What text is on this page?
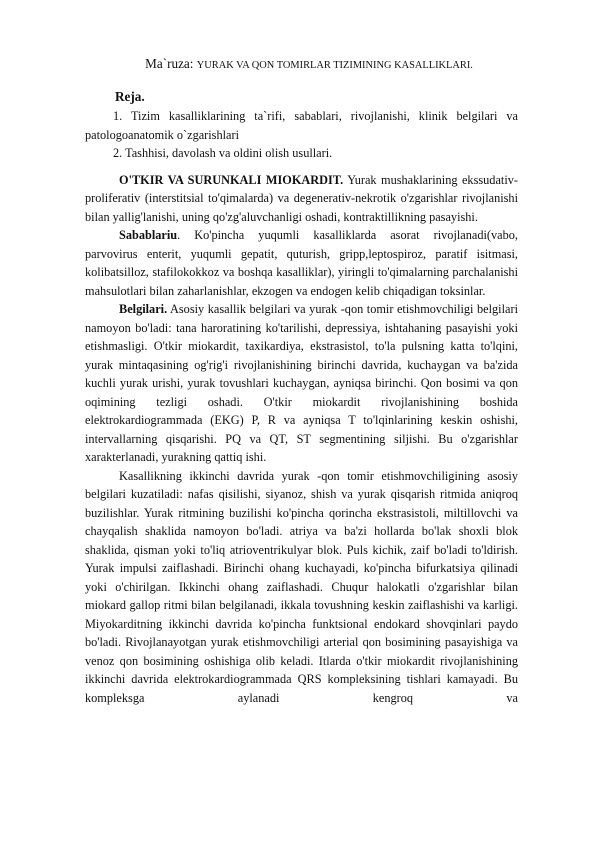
Ma`ruza: YURAK VA QON TOMIRLAR TIZIMINING KASALLIKLARI.

Reja.

1. Tizim kasalliklarining ta`rifi, sabablari, rivojlanishi, klinik belgilari va patologoanatomik o`zgarishlari

2. Tashhisi, davolash va oldini olish usullari.

O'TKIR VA SURUNKALI MIOKARDIT. Yurak mushaklarining ekssudativ-proliferativ (interstitsial to'qimalarda) va degenerativ-nekrotik o'zgarishlar rivojlanishi bilan yallig'lanishi, uning qo'zg'aluvchanligi oshadi, kontraktillikning pasayishi.

Sabablariu. Ko'pincha yuqumli kasalliklarda asorat rivojlanadi(vabo, parvovirus enterit, yuqumli gepatit, quturish, gripp,leptospiroz, paratif isitmasi, kolibatsilloz, stafilokokkoz va boshqa kasalliklar), yiringli to'qimalarning parchalanishi mahsulotlari bilan zaharlanishlar, ekzogen va endogen kelib chiqadigan toksinlar.

Belgilari. Asosiy kasallik belgilari va yurak -qon tomir etishmovchiligi belgilari namoyon bo'ladi: tana haroratining ko'tarilishi, depressiya, ishtahaning pasayishi yoki etishmasligi. O'tkir miokardit, taxikardiya, ekstrasistol, to'la pulsning katta to'lqini, yurak mintaqasining og'rig'i rivojlanishining birinchi davrida, kuchaygan va ba'zida kuchli yurak urishi, yurak tovushlari kuchaygan, ayniqsa birinchi. Qon bosimi va qon oqimining tezligi oshadi. O'tkir miokardit rivojlanishining boshida elektrokardiogrammada (EKG) P, R va ayniqsa T to'lqinlarining keskin oshishi, intervallarning qisqarishi. PQ va QT, ST segmentining siljishi. Bu o'zgarishlar xarakterlanadi, yurakning qattiq ishi.

Kasallikning ikkinchi davrida yurak -qon tomir etishmovchiligining asosiy belgilari kuzatiladi: nafas qisilishi, siyanoz, shish va yurak qisqarish ritmida aniqroq buzilishlar. Yurak ritmining buzilishi ko'pincha qorincha ekstrasistoli, miltillovchi va chayqalish shaklida namoyon bo'ladi. atriya va ba'zi hollarda bo'lak shoxli blok shaklida, qisman yoki to'liq atrioventrikulyar blok. Puls kichik, zaif bo'ladi to'ldirish. Yurak impulsi zaiflashadi. Birinchi ohang kuchayadi, ko'pincha bifurkatsiya qilinadi yoki o'chirilgan. Ikkinchi ohang zaiflashadi. Chuqur halokatli o'zgarishlar bilan miokard gallop ritmi bilan belgilanadi, ikkala tovushning keskin zaiflashishi va karligi. Miyokarditning ikkinchi davrida ko'pincha funktsional endokard shovqinlari paydo bo'ladi. Rivojlanayotgan yurak etishmovchiligi arterial qon bosimining pasayishiga va venoz qon bosimining oshishiga olib keladi. Itlarda o'tkir miokardit rivojlanishining ikkinchi davrida elektrokardiogrammada QRS kompleksining tishlari kamayadi. Bu kompleksga aylanadi kengroq va
